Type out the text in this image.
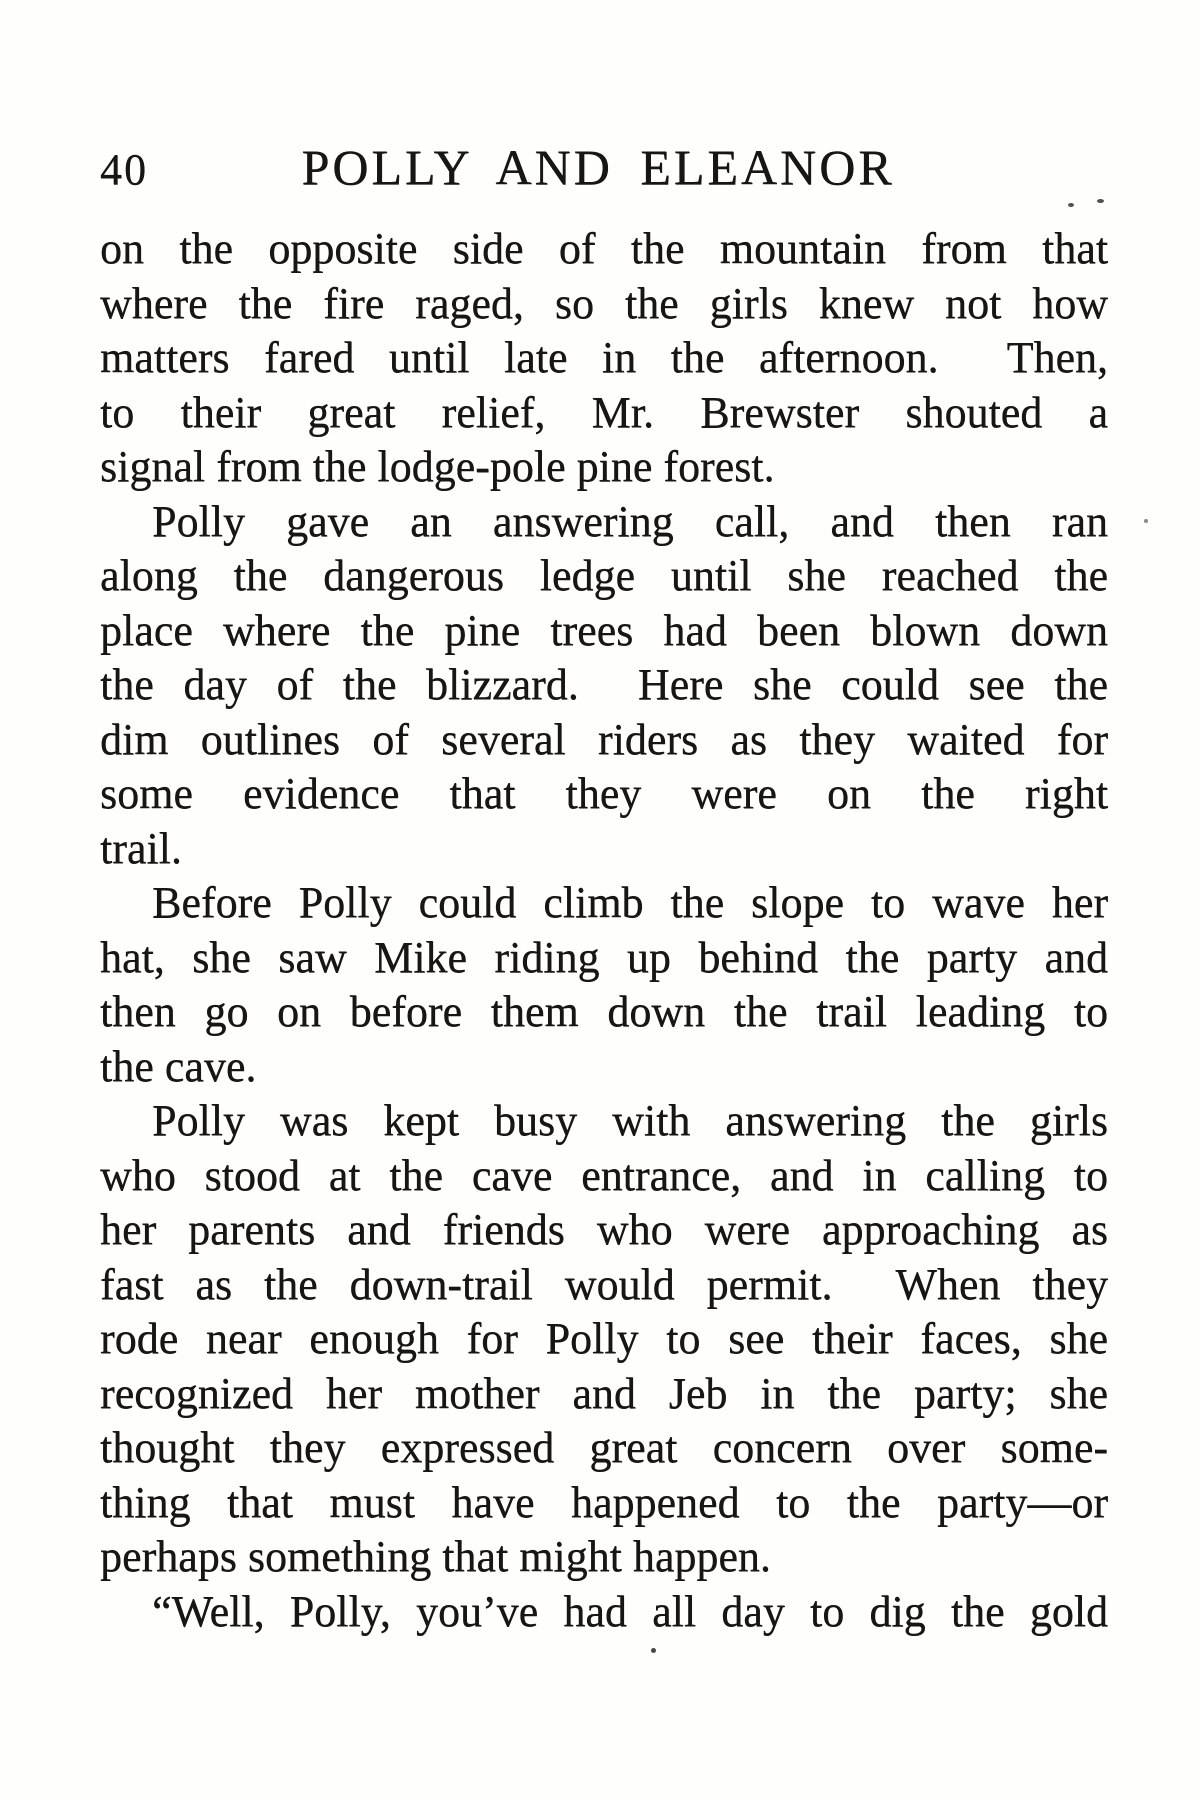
40	POLLY AND ELEANOR
on the opposite side of the mountain from that
where the fire raged, so the girls knew not how
matters fared until late in the afternoon.  Then,
to their great relief, Mr. Brewster shouted a
signal from the lodge-pole pine forest.
Polly gave an answering call, and then ran
along the dangerous ledge until she reached the
place where the pine trees had been blown down
the day of the blizzard.  Here she could see the
dim outlines of several riders as they waited for
some evidence that they were on the right
trail.
Before Polly could climb the slope to wave her
hat, she saw Mike riding up behind the party and
then go on before them down the trail leading to
the cave.
Polly was kept busy with answering the girls
who stood at the cave entrance, and in calling to
her parents and friends who were approaching as
fast as the down-trail would permit.  When they
rode near enough for Polly to see their faces, she
recognized her mother and Jeb in the party; she
thought they expressed great concern over some-
thing that must have happened to the party—or
perhaps something that might happen.
“Well, Polly, you’ve had all day to dig the gold
